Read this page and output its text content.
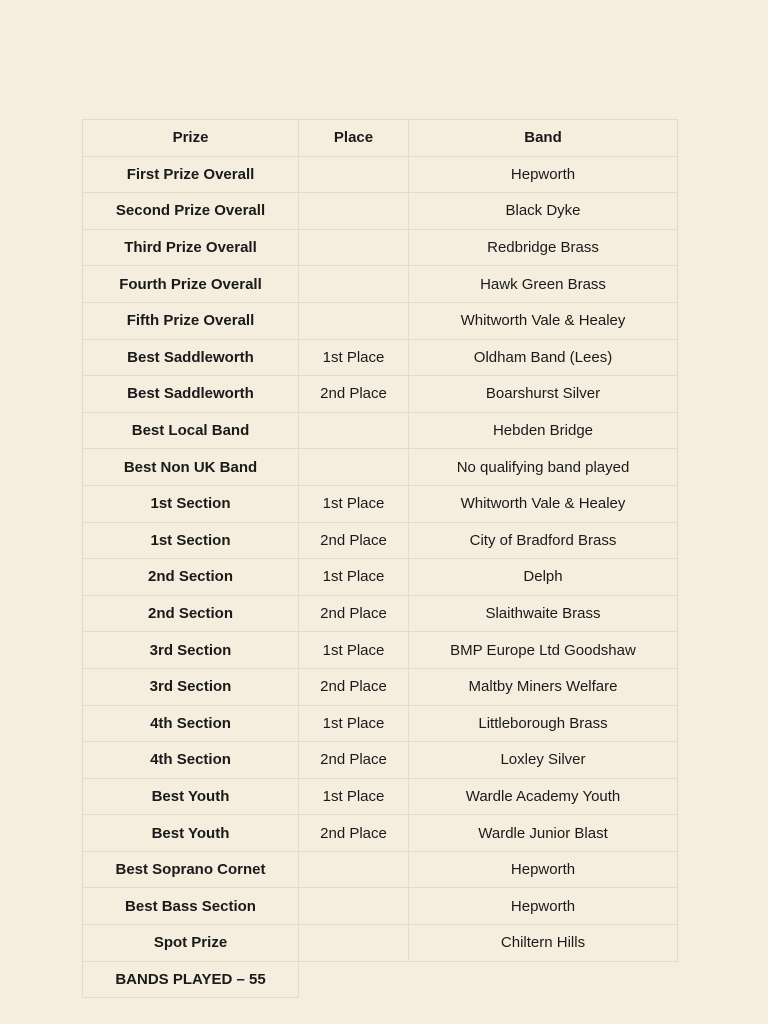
Prize	Place	Band
First Prize Overall		Hepworth
Second Prize Overall		Black Dyke
Third Prize Overall		Redbridge Brass
Fourth Prize Overall		Hawk Green Brass
Fifth Prize Overall		Whitworth Vale & Healey
Best Saddleworth	1st Place	Oldham Band (Lees)
Best Saddleworth	2nd Place	Boarshurst Silver
Best Local Band		Hebden Bridge
Best Non UK Band		No qualifying band played
1st Section	1st Place	Whitworth Vale & Healey
1st Section	2nd Place	City of Bradford Brass
2nd Section	1st Place	Delph
2nd Section	2nd Place	Slaithwaite Brass
3rd Section	1st Place	BMP Europe Ltd Goodshaw
3rd Section	2nd Place	Maltby Miners Welfare
4th Section	1st Place	Littleborough Brass
4th Section	2nd Place	Loxley Silver
Best Youth	1st Place	Wardle Academy Youth
Best Youth	2nd Place	Wardle Junior Blast
Best Soprano Cornet		Hepworth
Best Bass Section		Hepworth
Spot Prize		Chiltern Hills
BANDS PLAYED – 55		
